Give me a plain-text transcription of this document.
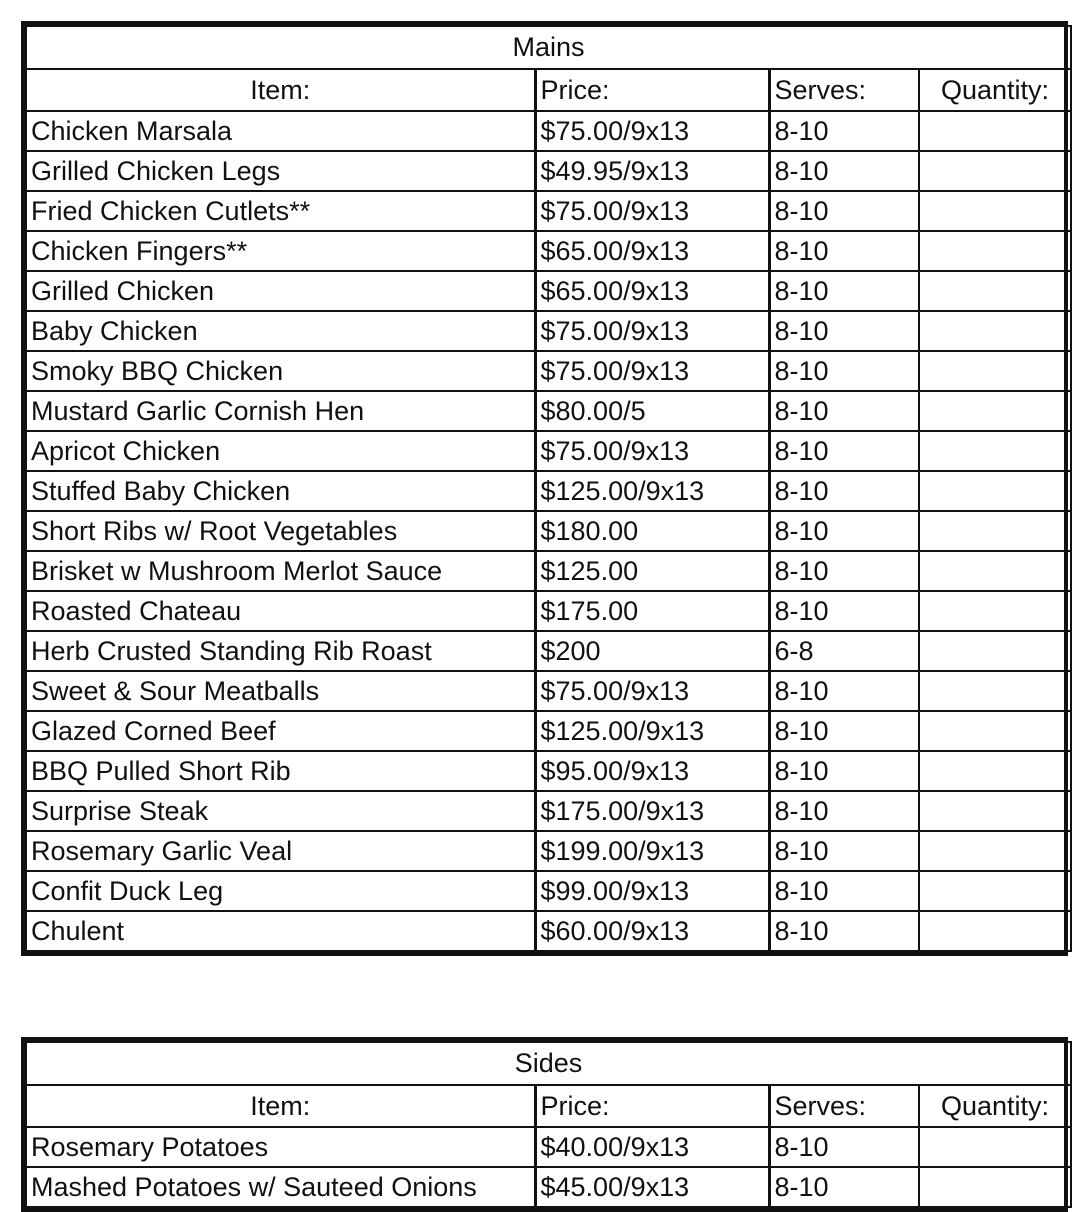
Mains			
Item:	Price:	Serves:	Quantity:
Chicken Marsala	$75.00/9x13	8-10	
Grilled Chicken Legs	$49.95/9x13	8-10	
Fried Chicken Cutlets**	$75.00/9x13	8-10	
Chicken Fingers**	$65.00/9x13	8-10	
Grilled Chicken	$65.00/9x13	8-10	
Baby Chicken	$75.00/9x13	8-10	
Smoky BBQ Chicken	$75.00/9x13	8-10	
Mustard Garlic Cornish Hen	$80.00/5	8-10	
Apricot Chicken	$75.00/9x13	8-10	
Stuffed Baby Chicken	$125.00/9x13	8-10	
Short Ribs w/ Root Vegetables	$180.00	8-10	
Brisket w Mushroom Merlot Sauce	$125.00	8-10	
Roasted Chateau	$175.00	8-10	
Herb Crusted Standing Rib Roast	$200	6-8	
Sweet & Sour Meatballs	$75.00/9x13	8-10	
Glazed Corned Beef	$125.00/9x13	8-10	
BBQ Pulled Short Rib	$95.00/9x13	8-10	
Surprise Steak	$175.00/9x13	8-10	
Rosemary Garlic Veal	$199.00/9x13	8-10	
Confit Duck Leg	$99.00/9x13	8-10	
Chulent	$60.00/9x13	8-10	
Sides			
Item:	Price:	Serves:	Quantity:
Rosemary Potatoes	$40.00/9x13	8-10	
Mashed Potatoes w/ Sauteed Onions	$45.00/9x13	8-10	
